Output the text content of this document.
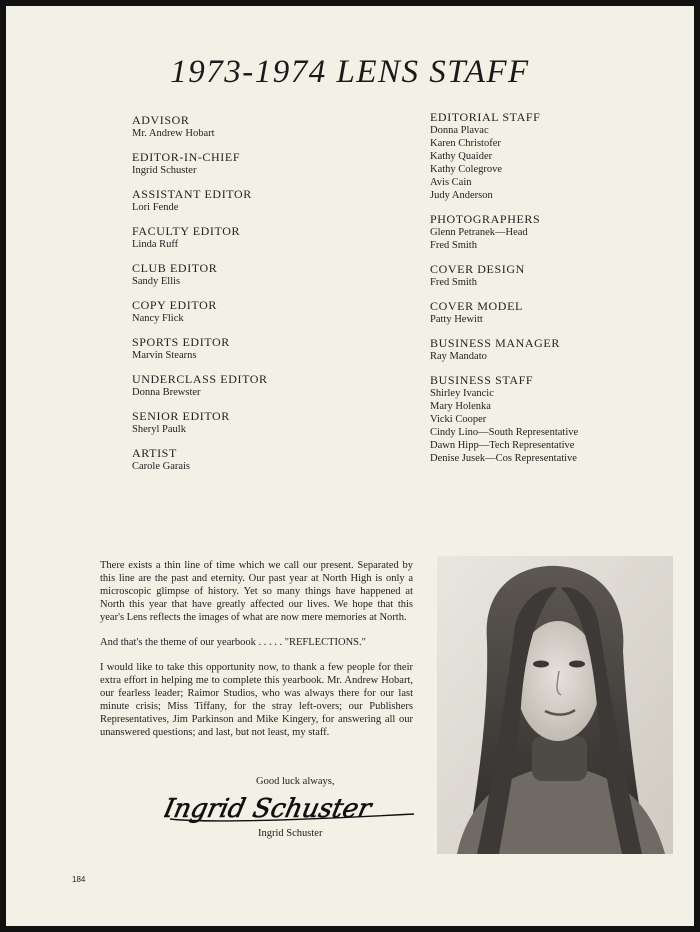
1973-1974 LENS STAFF
ADVISOR
Mr. Andrew Hobart
EDITOR-IN-CHIEF
Ingrid Schuster
ASSISTANT EDITOR
Lori Fende
FACULTY EDITOR
Linda Ruff
CLUB EDITOR
Sandy Ellis
COPY EDITOR
Nancy Flick
SPORTS EDITOR
Marvin Stearns
UNDERCLASS EDITOR
Donna Brewster
SENIOR EDITOR
Sheryl Paulk
ARTIST
Carole Garais
EDITORIAL STAFF
Donna Plavac
Karen Christofer
Kathy Quaider
Kathy Colegrove
Avis Cain
Judy Anderson
PHOTOGRAPHERS
Glenn Petranek—Head
Fred Smith
COVER DESIGN
Fred Smith
COVER MODEL
Patty Hewitt
BUSINESS MANAGER
Ray Mandato
BUSINESS STAFF
Shirley Ivancic
Mary Holenka
Vicki Cooper
Cindy Lino—South Representative
Dawn Hipp—Tech Representative
Denise Jusek—Cos Representative

There exists a thin line of time which we call our present. Separated by this line are the past and eternity. Our past year at North High is only a microscopic glimpse of history. Yet so many things have happened at North this year that have greatly affected our lives. We hope that this year's Lens reflects the images of what are now mere memories at North.

And that's the theme of our yearbook . . . . . "REFLECTIONS."

I would like to take this opportunity now, to thank a few people for their extra effort in helping me to complete this yearbook. Mr. Andrew Hobart, our fearless leader; Raimor Studios, who was always there for our last minute crisis; Miss Tiffany, for the stray left-overs; our Publishers Representatives, Jim Parkinson and Mike Kingery, for answering all our unanswered questions; and last, but not least, my staff.

Good luck always,
Ingrid Schuster
Ingrid Schuster
184
